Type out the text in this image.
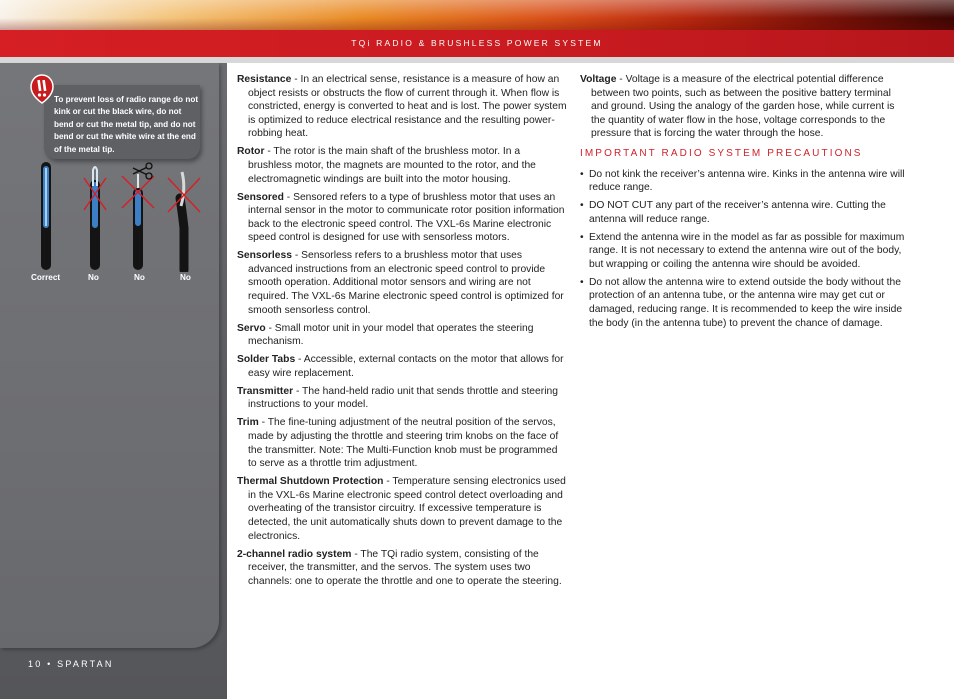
TQi RADIO & BRUSHLESS POWER SYSTEM
To prevent loss of radio range do not kink or cut the black wire, do not bend or cut the metal tip, and do not bend or cut the white wire at the end of the metal tip.
Correct	No	No	No

Resistance - In an electrical sense, resistance is a measure of how an object resists or obstructs the flow of current through it. When flow is constricted, energy is converted to heat and is lost. The power system is optimized to reduce electrical resistance and the resulting power-robbing heat.

Rotor - The rotor is the main shaft of the brushless motor. In a brushless motor, the magnets are mounted to the rotor, and the electromagnetic windings are built into the motor housing.

Sensored - Sensored refers to a type of brushless motor that uses an internal sensor in the motor to communicate rotor position information back to the electronic speed control. The VXL-6s Marine electronic speed control is designed for use with sensorless motors.

Sensorless - Sensorless refers to a brushless motor that uses advanced instructions from an electronic speed control to provide smooth operation. Additional motor sensors and wiring are not required. The VXL-6s Marine electronic speed control is optimized for smooth sensorless control.

Servo - Small motor unit in your model that operates the steering mechanism.

Solder Tabs - Accessible, external contacts on the motor that allows for easy wire replacement.

Transmitter - The hand-held radio unit that sends throttle and steering instructions to your model.

Trim - The fine-tuning adjustment of the neutral position of the servos, made by adjusting the throttle and steering trim knobs on the face of the transmitter. Note: The Multi-Function knob must be programmed to serve as a throttle trim adjustment.

Thermal Shutdown Protection - Temperature sensing electronics used in the VXL-6s Marine electronic speed control detect overloading and overheating of the transistor circuitry. If excessive temperature is detected, the unit automatically shuts down to prevent damage to the electronics.

2-channel radio system - The TQi radio system, consisting of the receiver, the transmitter, and the servos. The system uses two channels: one to operate the throttle and one to operate the steering.

Voltage - Voltage is a measure of the electrical potential difference between two points, such as between the positive battery terminal and ground. Using the analogy of the garden hose, while current is the quantity of water flow in the hose, voltage corresponds to the pressure that is forcing the water through the hose.

IMPORTANT RADIO SYSTEM PRECAUTIONS

• Do not kink the receiver’s antenna wire. Kinks in the antenna wire will reduce range.

• DO NOT CUT any part of the receiver’s antenna wire. Cutting the antenna will reduce range.

• Extend the antenna wire in the model as far as possible for maximum range. It is not necessary to extend the antenna wire out of the body, but wrapping or coiling the antenna wire should be avoided.

• Do not allow the antenna wire to extend outside the body without the protection of an antenna tube, or the antenna wire may get cut or damaged, reducing range. It is recommended to keep the wire inside the body (in the antenna tube) to prevent the chance of damage.

10 • SPARTAN
